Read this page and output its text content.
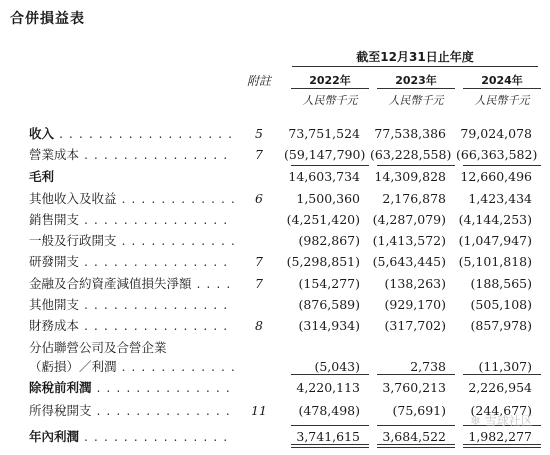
合併損益表
截至12月31日止年度
附註	2022年	2023年	2024年
人民幣千元	人民幣千元	人民幣千元
收入 . . .	5	73,751,524	77,538,386	79,024,078
營業成本 . . .	7	(59,147,790) (63,228,558) (66,363,582)
毛利	14,603,734	14,309,828	12,660,496
其他收入及收益 . . .	6	1,500,360	2,176,878	1,423,434
銷售開支 . . .	(4,251,420) (4,287,079) (4,144,253)
一般及行政開支 . . .	(982,867) (1,413,572) (1,047,947)
研發開支 . . .	7	(5,298,851) (5,643,445) (5,101,818)
金融及合約資產減值損失淨額 . . .	7	(154,277)	(138,263)	(188,565)
其他開支 . . .	(876,589)	(929,170)	(505,108)
財務成本 . . .	8	(314,934)	(317,702)	(857,978)
分佔聯營公司及合營企業
（虧損）／利潤 . . .	(5,043)	2,738	(11,307)
除稅前利潤 . . .	4,220,113	3,760,213	2,226,954
所得稅開支 . . .	11	(478,498)	(75,691)	(244,677)
年內利潤 . . .	3,741,615	3,684,522	1,982,277
❄ 雪球社区
